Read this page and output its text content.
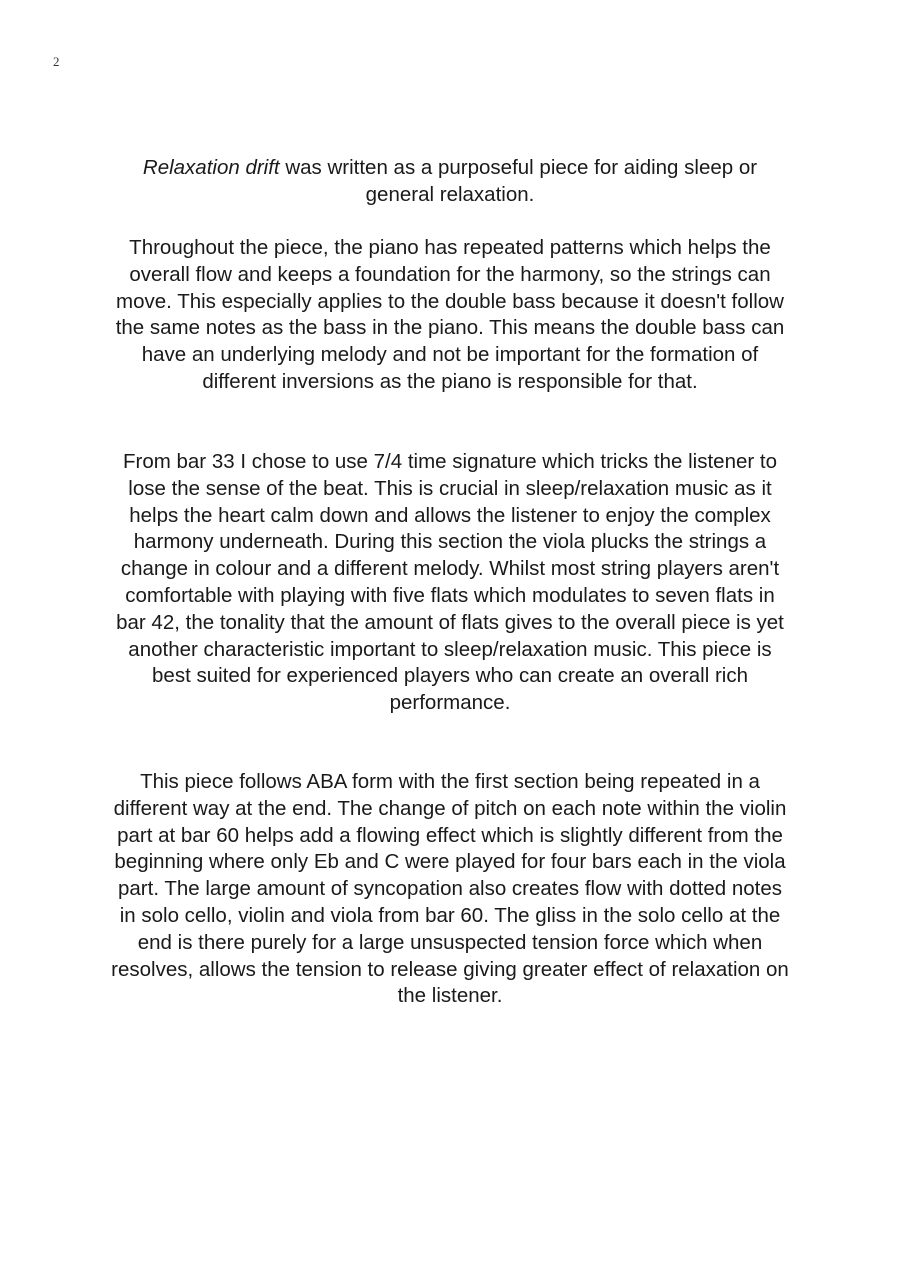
2

Relaxation drift was written as a purposeful piece for aiding sleep or
general relaxation.

Throughout the piece, the piano has repeated patterns which helps the
overall flow and keeps a foundation for the harmony, so the strings can
move. This especially applies to the double bass because it doesn't follow
the same notes as the bass in the piano. This means the double bass can
have an underlying melody and not be important for the formation of
different inversions as the piano is responsible for that.

From bar 33 I chose to use 7/4 time signature which tricks the listener to
lose the sense of the beat. This is crucial in sleep/relaxation music as it
helps the heart calm down and allows the listener to enjoy the complex
harmony underneath. During this section the viola plucks the strings a
change in colour and a different melody. Whilst most string players aren't
comfortable with playing with five flats which modulates to seven flats in
bar 42, the tonality that the amount of flats gives to the overall piece is yet
another characteristic important to sleep/relaxation music. This piece is
best suited for experienced players who can create an overall rich
performance.

This piece follows ABA form with the first section being repeated in a
different way at the end. The change of pitch on each note within the violin
part at bar 60 helps add a flowing effect which is slightly different from the
beginning where only Eb and C were played for four bars each in the viola
part. The large amount of syncopation also creates flow with dotted notes
in solo cello, violin and viola from bar 60. The gliss in the solo cello at the
end is there purely for a large unsuspected tension force which when
resolves, allows the tension to release giving greater effect of relaxation on
the listener.
